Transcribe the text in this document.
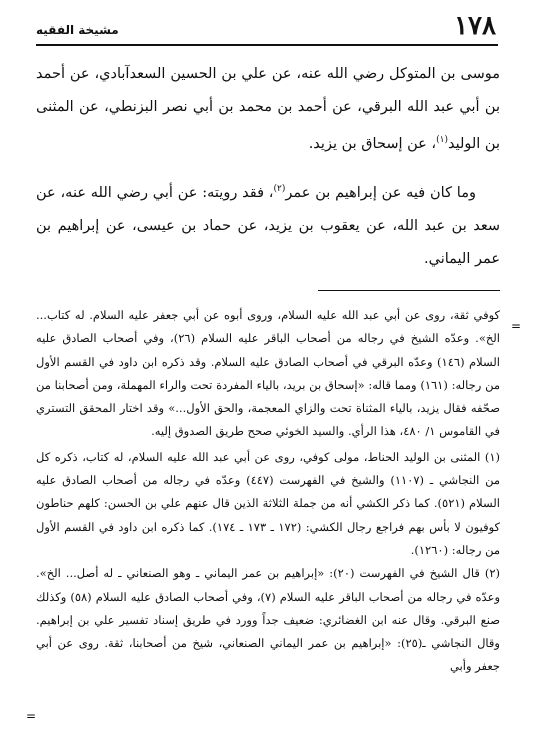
١٧٨
مشيخة الفقيه

موسى بن المتوكل رضي الله عنه، عن علي بن الحسين السعدآبادي، عن أحمد بن أبي عبد الله البرقي، عن أحمد بن محمد بن أبي نصر البزنطي، عن المثنى بن الوليد$^{(١)}$، عن إسحاق بن يزيد.

وما كان فيه عن إبراهيم بن عمر$^{(٢)}$، فقد رويته: عن أبي رضي الله عنه، عن سعد بن عبد الله، عن يعقوب بن يزيد، عن حماد بن عيسى، عن إبراهيم بن عمر اليماني.

=

كوفي ثقة، روى عن أبي عبد الله عليه السلام، وروى أبوه عن أبي جعفر عليه السلام. له كتاب... الخ». وعدّه الشيخ في رجاله من أصحاب الباقر عليه السلام (٢٦)، وفي أصحاب الصادق عليه السلام (١٤٦) وعدّه البرقي في أصحاب الصادق عليه السلام. وقد ذكره ابن داود في القسم الأول من رجاله: (١٦١) ومما قاله: «إسحاق بن بريد، بالياء المفردة تحت والراء المهملة، ومن أصحابنا من صحّفه فقال يزيد، بالياء المثناة تحت والزاي المعجمة، والحق الأول...» وقد اختار المحقق التستري في القاموس ١/ ٤٨٠، هذا الرأي. والسيد الخوئي صحح طريق الصدوق إليه.

(١) المثنى بن الوليد الحناط، مولى كوفي، روى عن أبي عبد الله عليه السلام، له كتاب، ذكره كل من النجاشي ـ (١١٠٧) والشيخ في الفهرست (٤٤٧) وعدّه في رجاله من أصحاب الصادق عليه السلام (٥٢١). كما ذكر الكشي أنه من جملة الثلاثة الذين قال عنهم علي بن الحسن: كلهم حناطون كوفيون لا بأس بهم فراجع رجال الكشي: (١٧٢ ـ ١٧٣ ـ ١٧٤). كما ذكره ابن داود في القسم الأول من رجاله: (١٢٦٠).

(٢) قال الشيخ في الفهرست (٢٠): «إبراهيم بن عمر اليماني ـ وهو الصنعاني ـ له أصل... الخ». وعدّه في رجاله من أصحاب الباقر عليه السلام (٧)، وفي أصحاب الصادق عليه السلام (٥٨) وكذلك صنع البرقي. وقال عنه ابن الغضائري: ضعيف جداً وورد في طريق إسناد تفسير علي بن إبراهيم. وقال النجاشي ـ(٢٥): «إبراهيم بن عمر اليماني الصنعاني، شيخ من أصحابنا، ثقة. روى عن أبي جعفر وأبي

=
